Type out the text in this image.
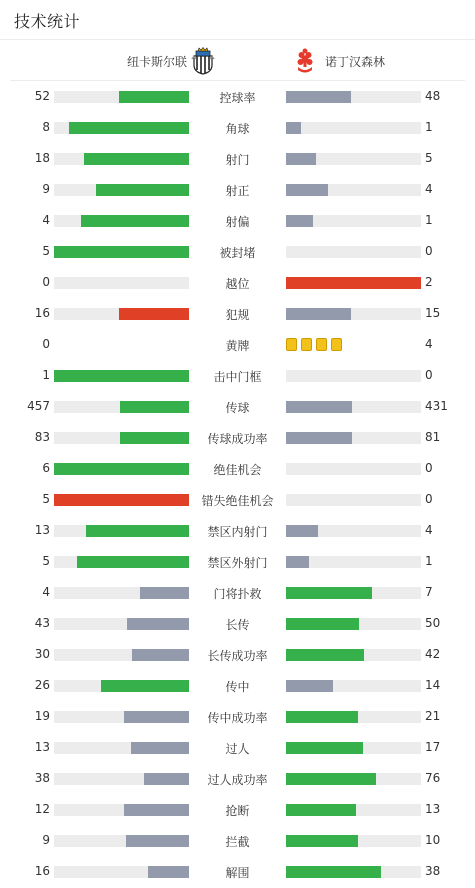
技术统计
纽卡斯尔联	诺丁汉森林
52	控球率	48
8	角球	1
18	射门	5
9	射正	4
4	射偏	1
5	被封堵	0
0	越位	2
16	犯规	15
0	黄牌	4
1	击中门框	0
457	传球	431
83	传球成功率	81
6	绝佳机会	0
5	错失绝佳机会	0
13	禁区内射门	4
5	禁区外射门	1
4	门将扑救	7
43	长传	50
30	长传成功率	42
26	传中	14
19	传中成功率	21
13	过人	17
38	过人成功率	76
12	抢断	13
9	拦截	10
16	解围	38
